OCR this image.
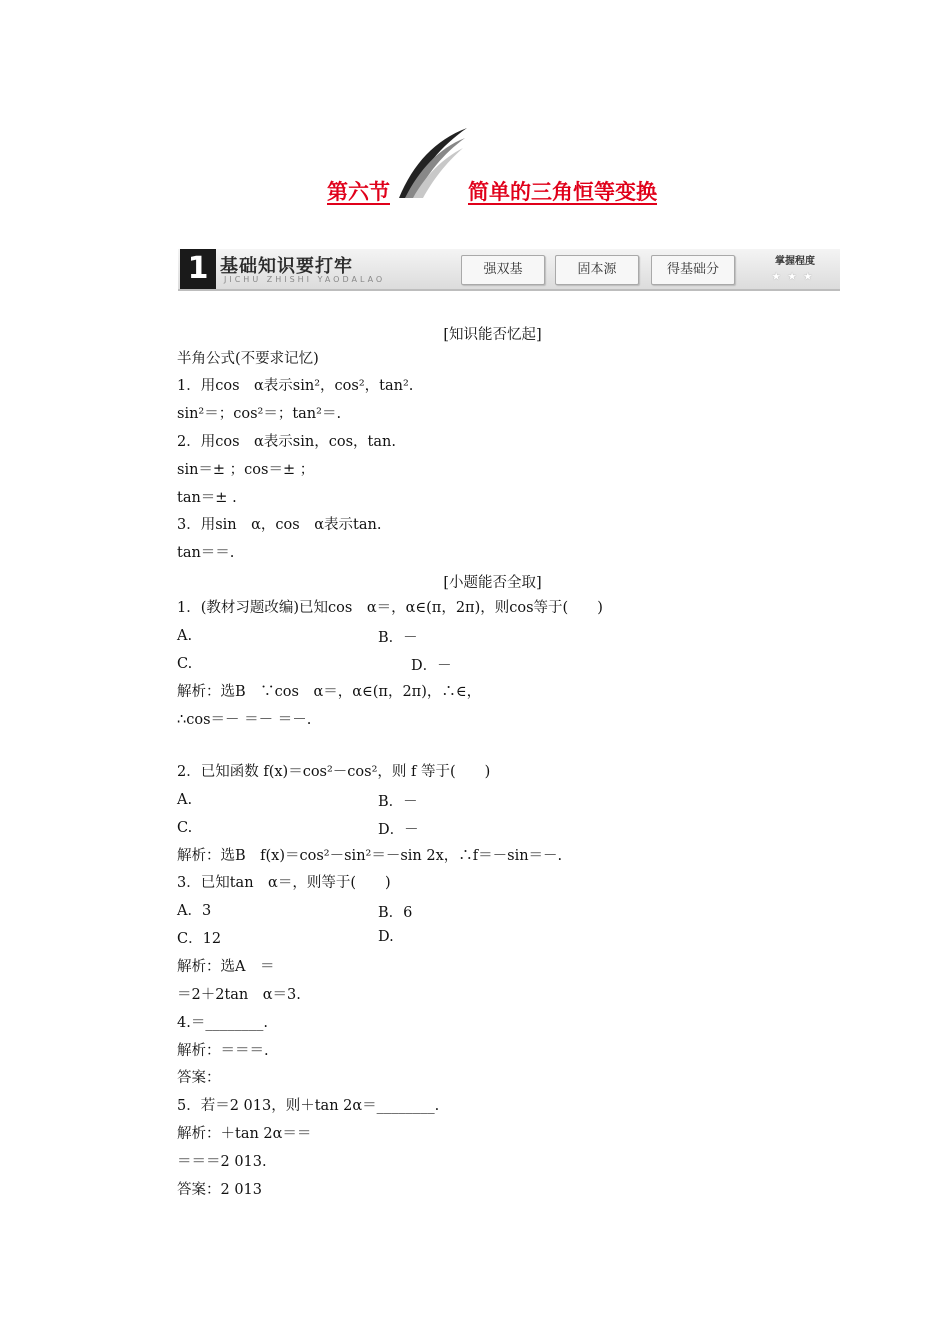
第六节	简单的三角恒等变换
1 基础知识要打牢
JICHU ZHISHI YAODALAO
强双基	固本源	得基础分
掌握程度
★★★
[知识能否忆起]
半角公式(不要求记忆)
1．用cos　α表示sin²，cos²，tan².
sin²＝；cos²＝；tan²＝.
2．用cos　α表示sin，cos，tan.
sin＝± ；cos＝± ；
tan＝± .
3．用sin　α，cos　α表示tan.
tan＝＝.
[小题能否全取]
1．(教材习题改编)已知cos　α＝，α∈(π，2π)，则cos等于(　　)
A.	B．－
C.	D．－
解析：选B　∵cos　α＝，α∈(π，2π)，∴∈，
∴cos＝－ ＝－ ＝－.
2．已知函数 f(x)＝cos²－cos²，则 f 等于(　　)
A.	B．－
C.	D．－
解析：选B　f(x)＝cos²－sin²＝－sin 2x，∴f＝－sin＝－.
3．已知tan　α＝，则等于(　　)
A．3	B．6
C．12	D.
解析：选A　＝
＝2＋2tan　α＝3.
4.＝________.
解析：＝＝＝.
答案：
5．若＝2 013，则＋tan 2α＝________.
解析：＋tan 2α＝＝
＝＝＝2 013.
答案：2 013
